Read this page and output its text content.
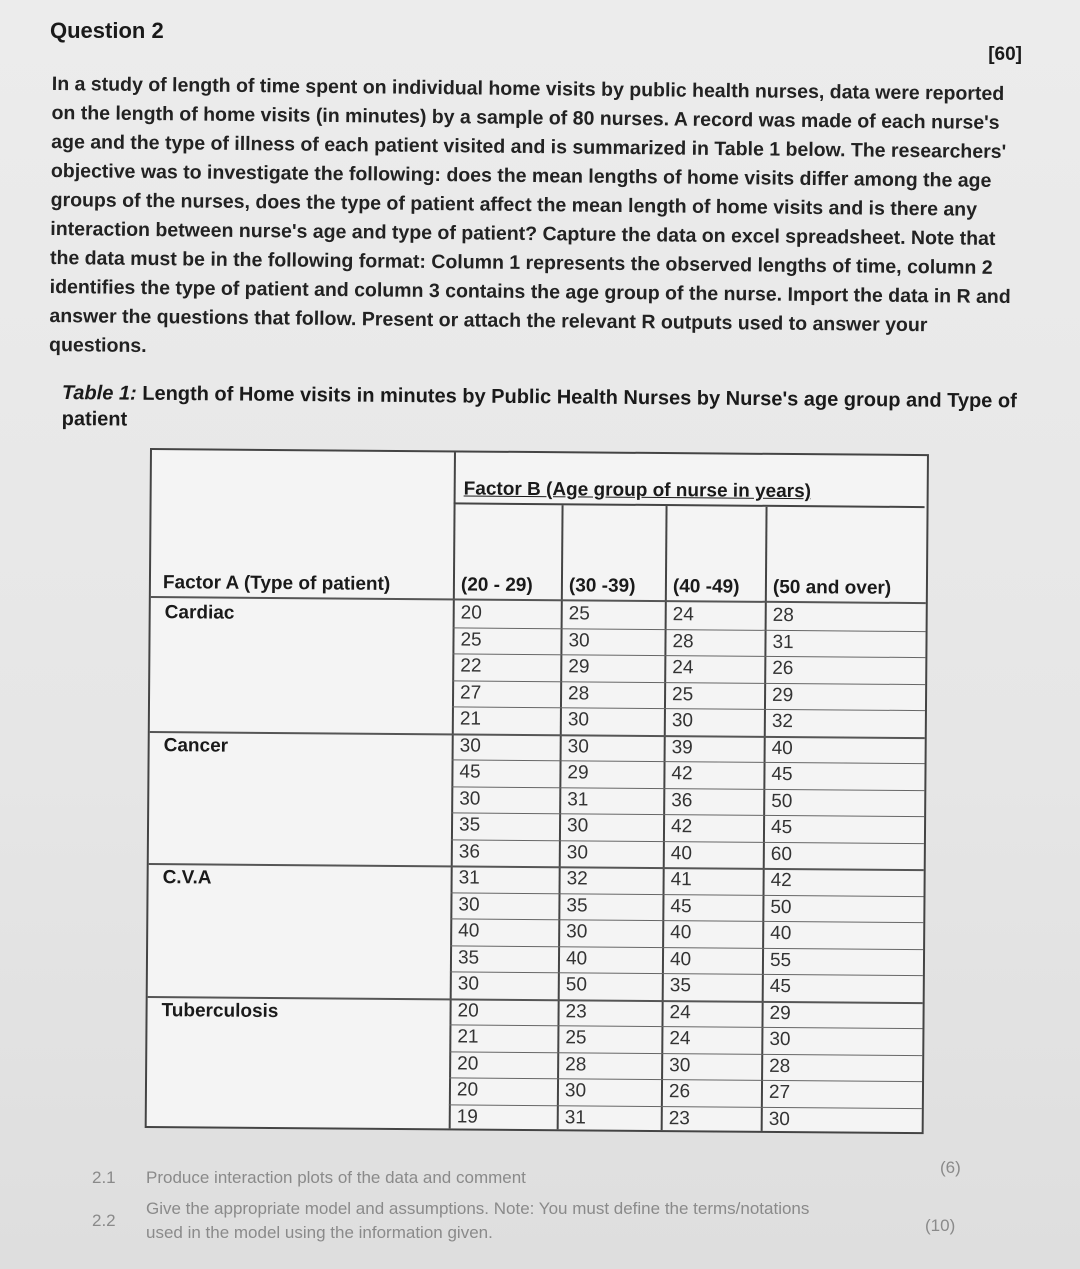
Question 2
[60]
In a study of length of time spent on individual home visits by public health nurses, data were reported on the length of home visits (in minutes) by a sample of 80 nurses. A record was made of each nurse's age and the type of illness of each patient visited and is summarized in Table 1 below. The researchers' objective was to investigate the following: does the mean lengths of home visits differ among the age groups of the nurses, does the type of patient affect the mean length of home visits and is there any interaction between nurse's age and type of patient? Capture the data on excel spreadsheet. Note that the data must be in the following format: Column 1 represents the observed lengths of time, column 2 identifies the type of patient and column 3 contains the age group of the nurse. Import the data in R and answer the questions that follow. Present or attach the relevant R outputs used to answer your questions.
Table 1: Length of Home visits in minutes by Public Health Nurses by Nurse's age group and Type of patient
Factor B (Age group of nurse in years)
Factor A (Type of patient)	(20 - 29) (30 -39) (40 -49) (50 and over)
Cardiac	20	25	24	28
25	30	28	31
22	29	24	26
27	28	25	29
21	30	30	32
Cancer	30	30	39	40
45	29	42	45
30	31	36	50
35	30	42	45
36	30	40	60
C.V.A	31	32	41	42
30	35	45	50
40	30	40	40
35	40	40	55
30	50	35	45
Tuberculosis	20	23	24	29
21	25	24	30
20	28	30	28
20	30	26	27
19	31	23	30
2.1 Produce interaction plots of the data and comment
(6)
2.2
Give the appropriate model and assumptions. Note: You must define the terms/notations
used in the model using the information given.	(10)
